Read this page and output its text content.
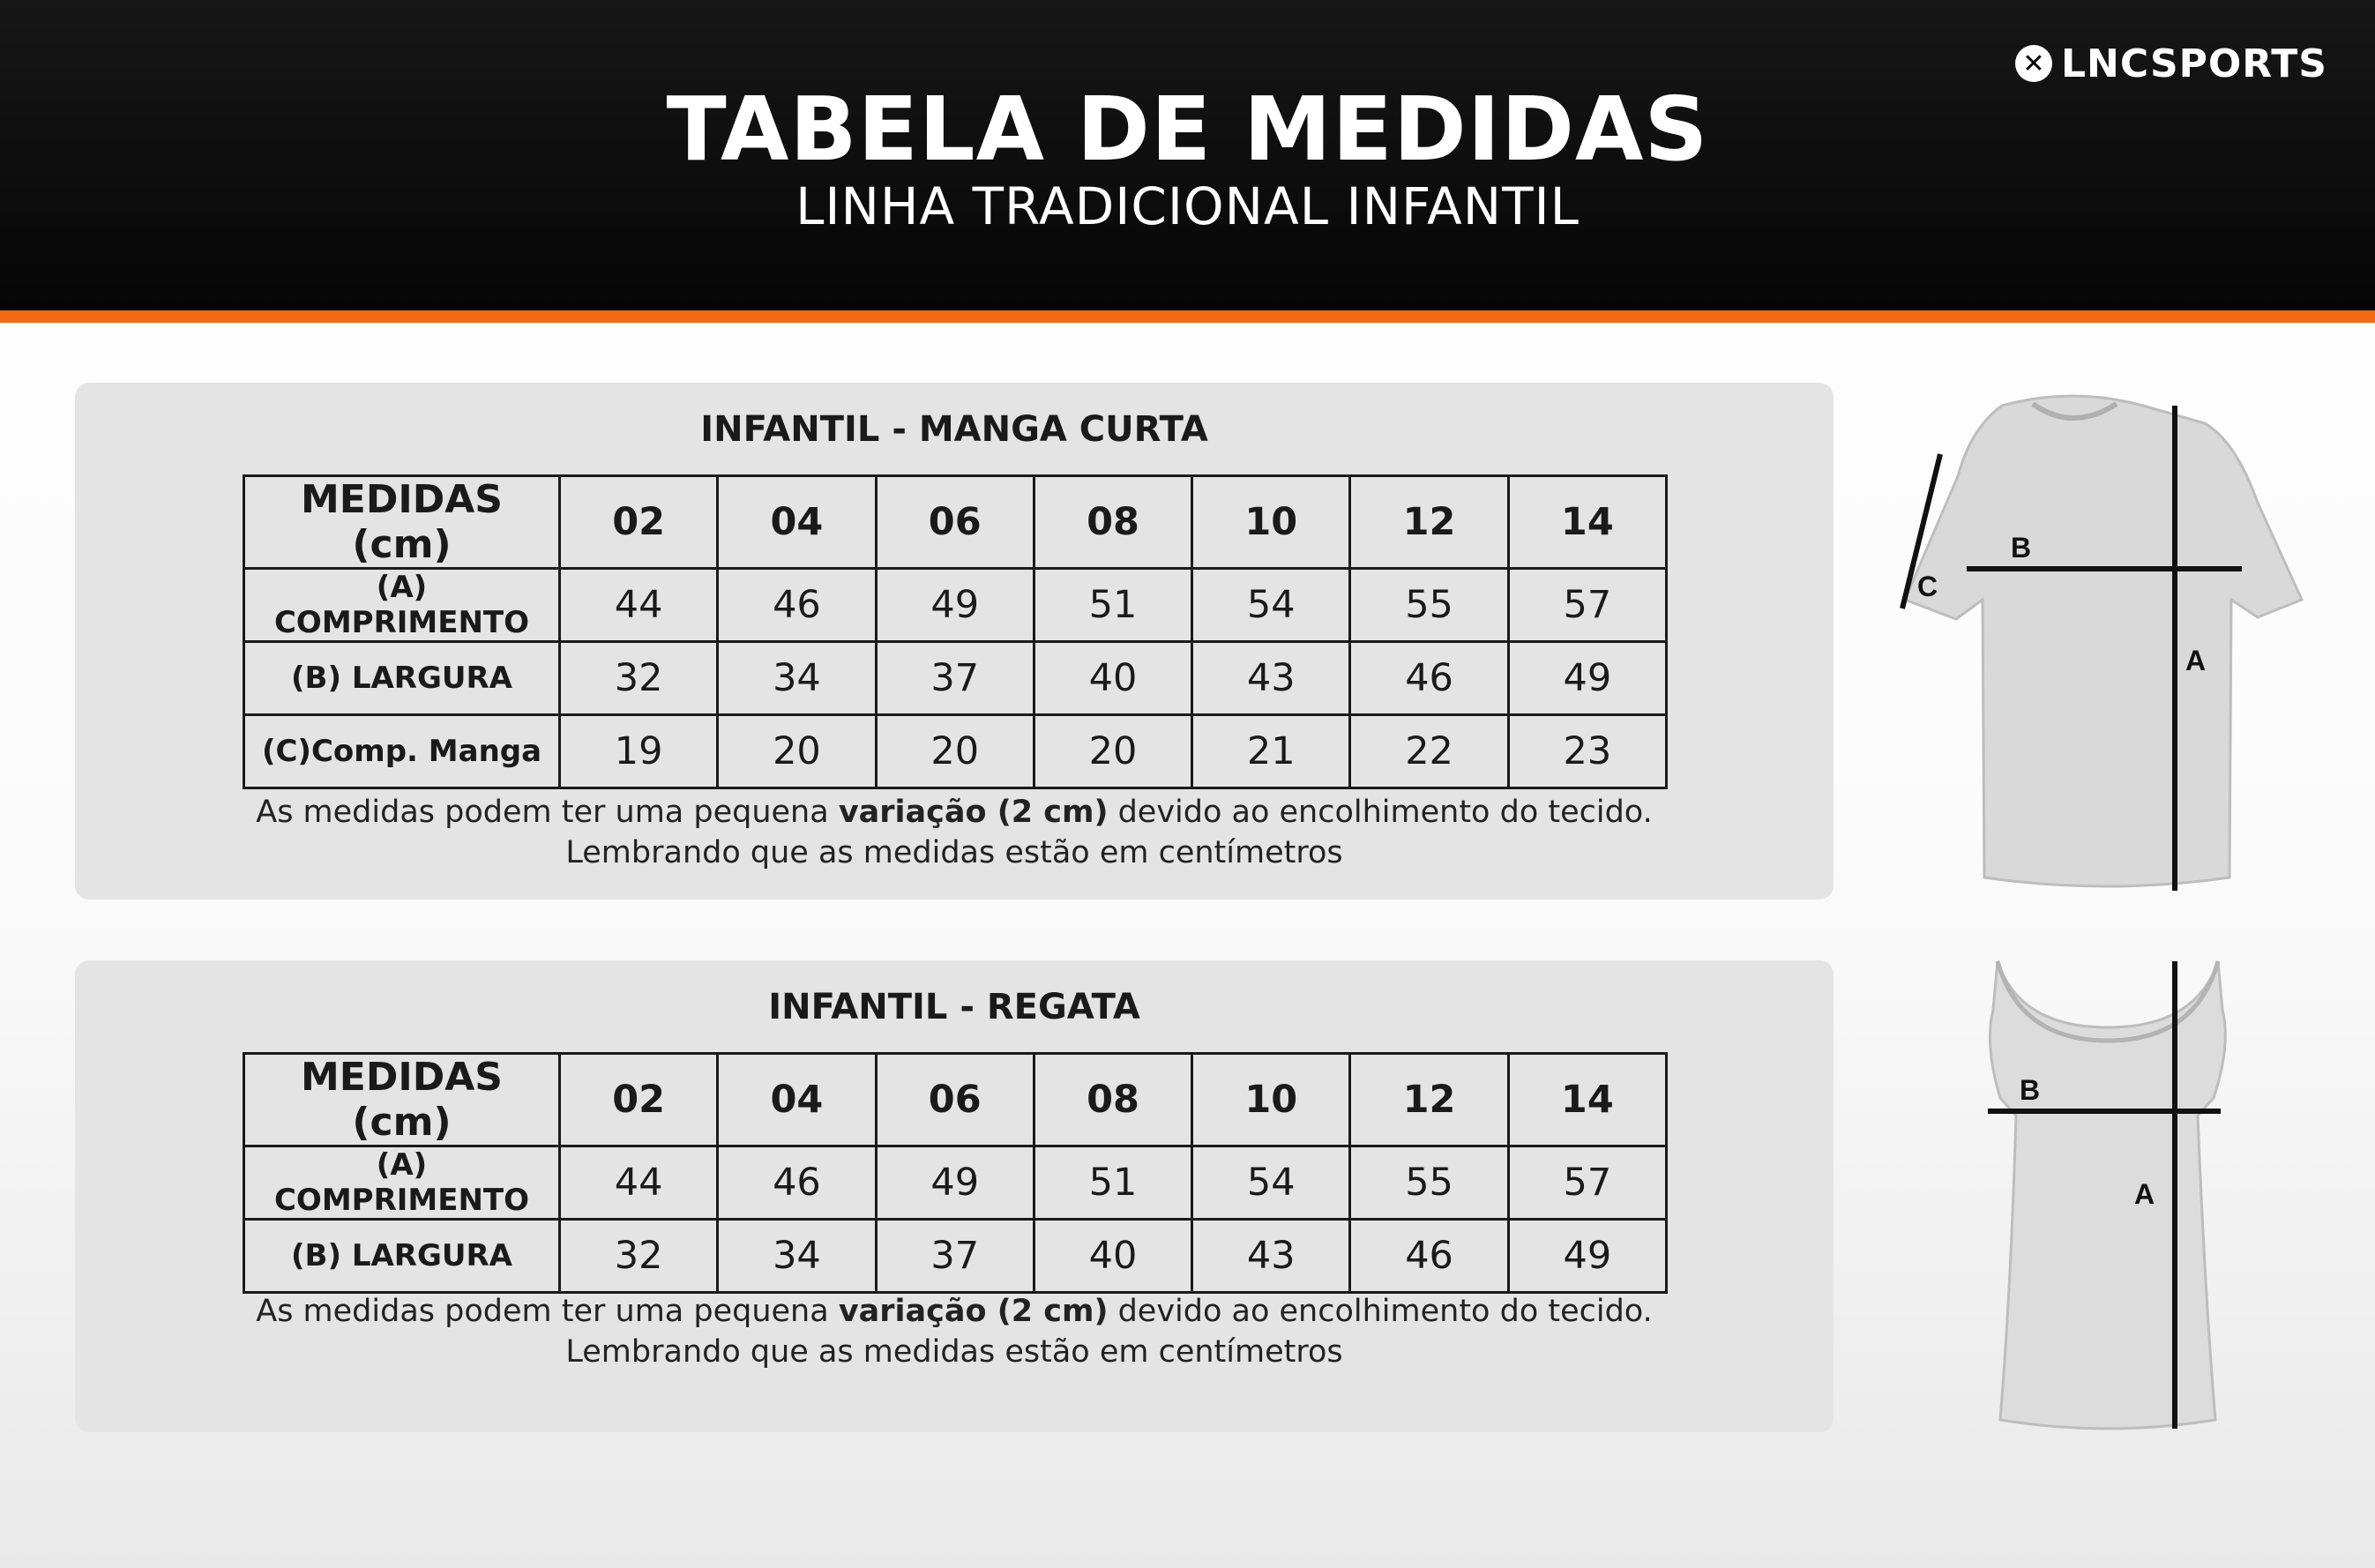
TABELA DE MEDIDAS
LINHA TRADICIONAL INFANTIL
✕ LNCSPORTS
INFANTIL - MANGA CURTA
MEDIDAS (cm)	02	04	06	08	10	12	14
(A) COMPRIMENTO	44	46	49	51	54	55	57
(B) LARGURA	32	34	37	40	43	46	49
(C)Comp. Manga	19	20	20	20	21	22	23
As medidas podem ter uma pequena variação (2 cm) devido ao encolhimento do tecido.
Lembrando que as medidas estão em centímetros
INFANTIL - REGATA
MEDIDAS (cm)	02	04	06	08	10	12	14
(A) COMPRIMENTO	44	46	49	51	54	55	57
(B) LARGURA	32	34	37	40	43	46	49
As medidas podem ter uma pequena variação (2 cm) devido ao encolhimento do tecido.
Lembrando que as medidas estão em centímetros
B
A
C
B
A
